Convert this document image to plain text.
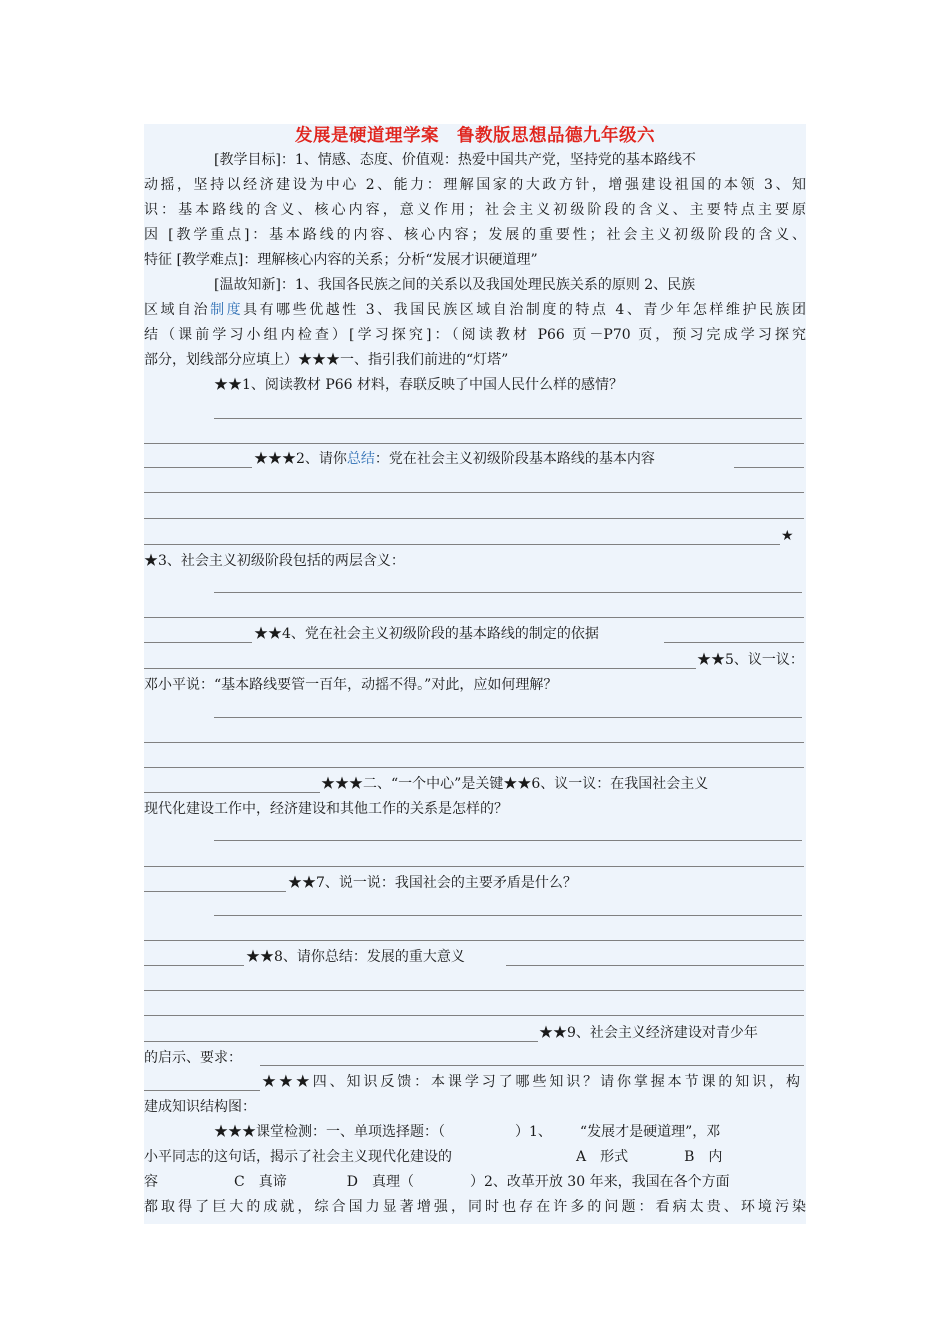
发展是硬道理学案　鲁教版思想品德九年级六
[教学目标]：1、情感、态度、价值观：热爱中国共产党，坚持党的基本路线不
动摇，坚持以经济建设为中心 2、能力：理解国家的大政方针，增强建设祖国的本领 3、知
识：基本路线的含义、核心内容，意义作用；社会主义初级阶段的含义、主要特点主要原
因 [教学重点]：基本路线的内容、核心内容；发展的重要性；社会主义初级阶段的含义、
特征 [教学难点]：理解核心内容的关系；分析“发展才识硬道理”
[温故知新]：1、我国各民族之间的关系以及我国处理民族关系的原则 2、民族
区域自治制度具有哪些优越性 3、我国民族区域自治制度的特点 4、青少年怎样维护民族团
结（课前学习小组内检查）[学习探究]：（阅读教材 P66 页－P70 页，预习完成学习探究
部分，划线部分应填上）★★★一、指引我们前进的“灯塔”
★★1、阅读教材 P66 材料，春联反映了中国人民什么样的感情？
★★★2、请你总结：党在社会主义初级阶段基本路线的基本内容
★
★3、社会主义初级阶段包括的两层含义：
★★4、党在社会主义初级阶段的基本路线的制定的依据
★★5、议一议：
邓小平说：“基本路线要管一百年，动摇不得。”对此，应如何理解？
★★★二、“一个中心”是关键★★6、议一议：在我国社会主义
现代化建设工作中，经济建设和其他工作的关系是怎样的？
★★7、说一说：我国社会的主要矛盾是什么？
★★8、请你总结：发展的重大意义
★★9、社会主义经济建设对青少年
的启示、要求：
★★★四、知识反馈：本课学习了哪些知识？请你掌握本节课的知识，构
建成知识结构图：
★★★课堂检测：一、单项选择题：（	）1、 “发展才是硬道理”，邓
小平同志的这句话，揭示了社会主义现代化建设的	A　形式	B　内
容	C　真谛	D　真理（	）2、改革开放 30 年来，我国在各个方面
都取得了巨大的成就，综合国力显著增强，同时也存在许多的问题：看病太贵、环境污染
